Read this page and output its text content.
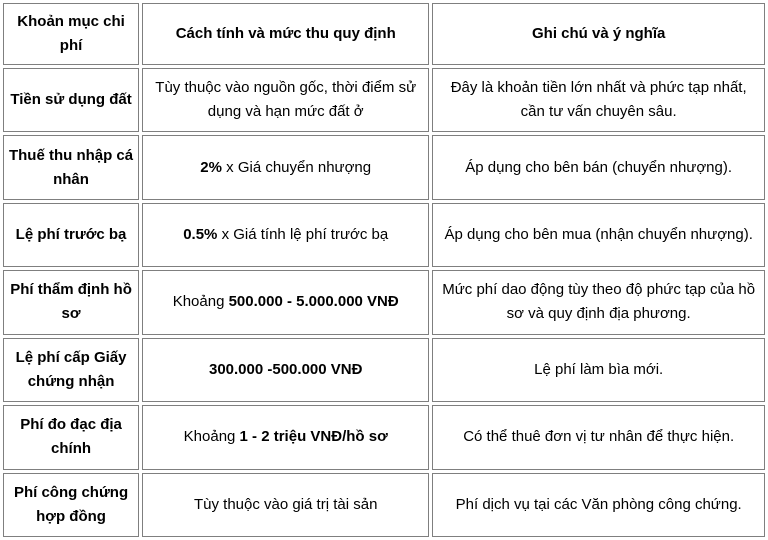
Khoản mục chi phí	Cách tính và mức thu quy định	Ghi chú và ý nghĩa
Tiền sử dụng đất	Tùy thuộc vào nguồn gốc, thời điểm sử dụng và hạn mức đất ở	Đây là khoản tiền lớn nhất và phức tạp nhất, cần tư vấn chuyên sâu.
Thuế thu nhập cá nhân	2% x Giá chuyển nhượng	Áp dụng cho bên bán (chuyển nhượng).
Lệ phí trước bạ	0.5% x Giá tính lệ phí trước bạ	Áp dụng cho bên mua (nhận chuyển nhượng).
Phí thẩm định hồ sơ	Khoảng 500.000 - 5.000.000 VNĐ	Mức phí dao động tùy theo độ phức tạp của hồ sơ và quy định địa phương.
Lệ phí cấp Giấy chứng nhận	300.000 -500.000 VNĐ	Lệ phí làm bìa mới.
Phí đo đạc địa chính	Khoảng 1 - 2 triệu VNĐ/hồ sơ	Có thể thuê đơn vị tư nhân để thực hiện.
Phí công chứng hợp đồng	Tùy thuộc vào giá trị tài sản	Phí dịch vụ tại các Văn phòng công chứng.
